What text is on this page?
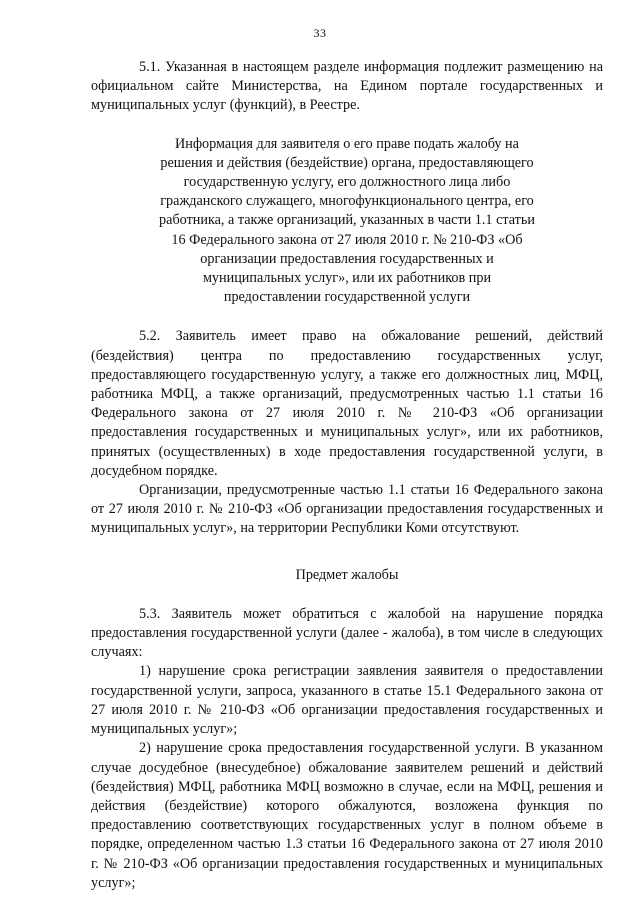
33

5.1. Указанная в настоящем разделе информация подлежит размещению на официальном сайте Министерства, на Едином портале государственных и муниципальных услуг (функций), в Реестре.

Информация для заявителя о его праве подать жалобу на решения и действия (бездействие) органа, предоставляющего государственную услугу, его должностного лица либо гражданского служащего, многофункционального центра, его работника, а также организаций, указанных в части 1.1 статьи 16 Федерального закона от 27 июля 2010 г. № 210-ФЗ «Об организации предоставления государственных и муниципальных услуг», или их работников при предоставлении государственной услуги

5.2. Заявитель имеет право на обжалование решений, действий (бездействия) центра по предоставлению государственных услуг, предоставляющего государственную услугу, а также его должностных лиц, МФЦ, работника МФЦ, а также организаций, предусмотренных частью 1.1 статьи 16 Федерального закона от 27 июля 2010 г. № 210-ФЗ «Об организации предоставления государственных и муниципальных услуг», или их работников, принятых (осуществленных) в ходе предоставления государственной услуги, в досудебном порядке.

Организации, предусмотренные частью 1.1 статьи 16 Федерального закона от 27 июля 2010 г. № 210-ФЗ «Об организации предоставления государственных и муниципальных услуг», на территории Республики Коми отсутствуют.

Предмет жалобы

5.3. Заявитель может обратиться с жалобой на нарушение порядка предоставления государственной услуги (далее - жалоба), в том числе в следующих случаях:

1) нарушение срока регистрации заявления заявителя о предоставлении государственной услуги, запроса, указанного в статье 15.1 Федерального закона от 27 июля 2010 г. № 210-ФЗ «Об организации предоставления государственных и муниципальных услуг»;

2) нарушение срока предоставления государственной услуги. В указанном случае досудебное (внесудебное) обжалование заявителем решений и действий (бездействия) МФЦ, работника МФЦ возможно в случае, если на МФЦ, решения и действия (бездействие) которого обжалуются, возложена функция по предоставлению соответствующих государственных услуг в полном объеме в порядке, определенном частью 1.3 статьи 16 Федерального закона от 27 июля 2010 г. № 210-ФЗ «Об организации предоставления государственных и муниципальных услуг»;
